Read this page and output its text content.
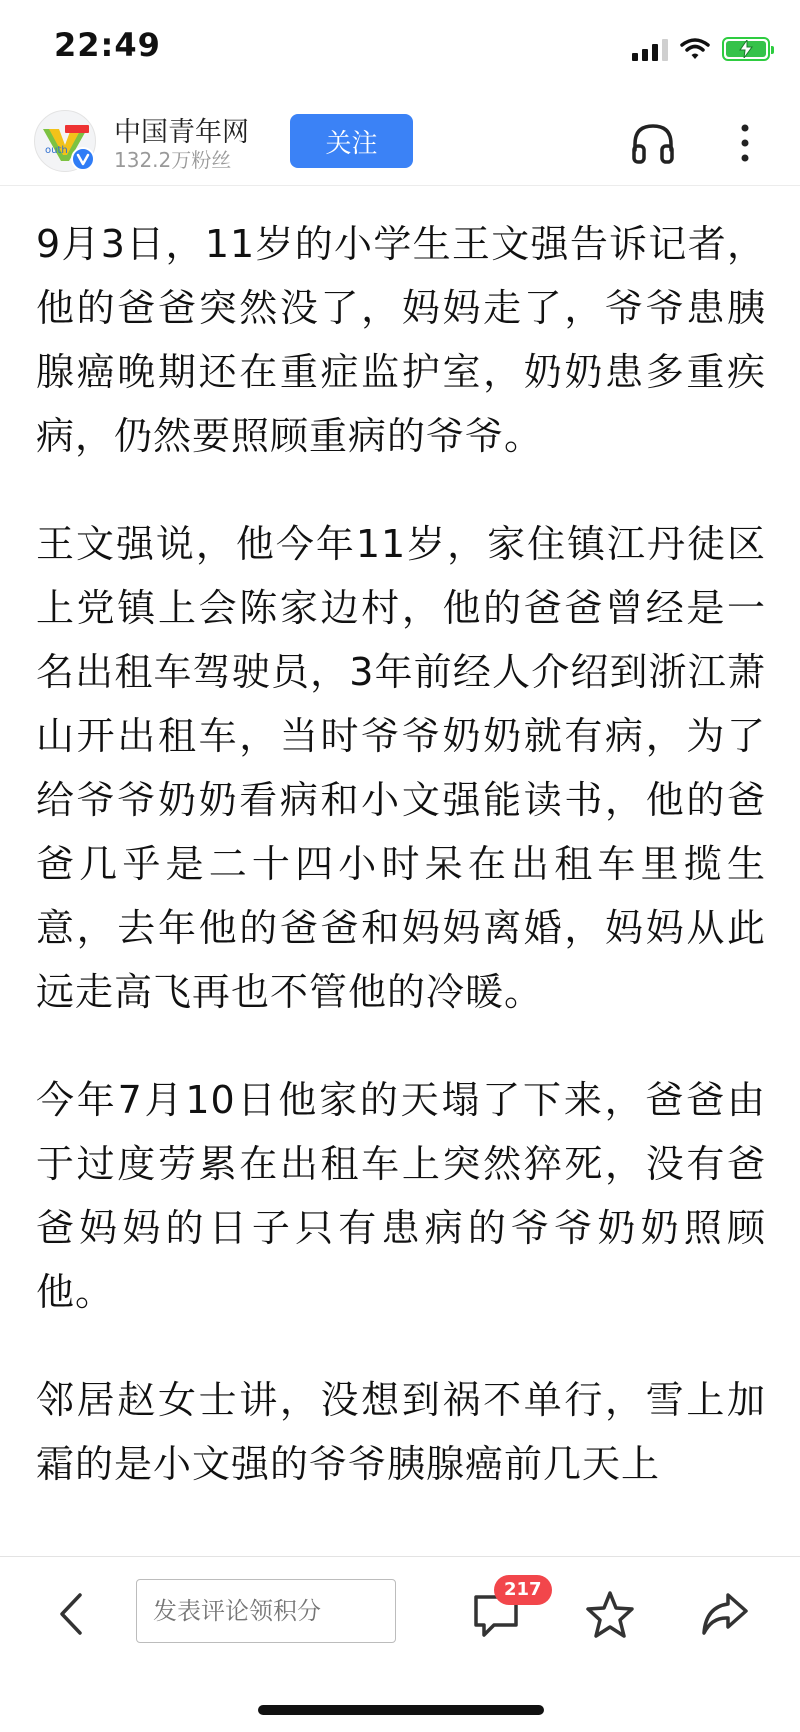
22:49
outh
中国青年网
132.2万粉丝
关注

9月3日，11岁的小学生王文强告诉记者，他的爸爸突然没了，妈妈走了，爷爷患胰腺癌晚期还在重症监护室，奶奶患多重疾病，仍然要照顾重病的爷爷。

王文强说，他今年11岁，家住镇江丹徒区上党镇上会陈家边村，他的爸爸曾经是一名出租车驾驶员，3年前经人介绍到浙江萧山开出租车，当时爷爷奶奶就有病，为了给爷爷奶奶看病和小文强能读书，他的爸爸几乎是二十四小时呆在出租车里揽生意，去年他的爸爸和妈妈离婚，妈妈从此远走高飞再也不管他的冷暖。

今年7月10日他家的天塌了下来，爸爸由于过度劳累在出租车上突然猝死，没有爸爸妈妈的日子只有患病的爷爷奶奶照顾他。

邻居赵女士讲，没想到祸不单行，雪上加霜的是小文强的爷爷胰腺癌前几天上

发表评论领积分
217
